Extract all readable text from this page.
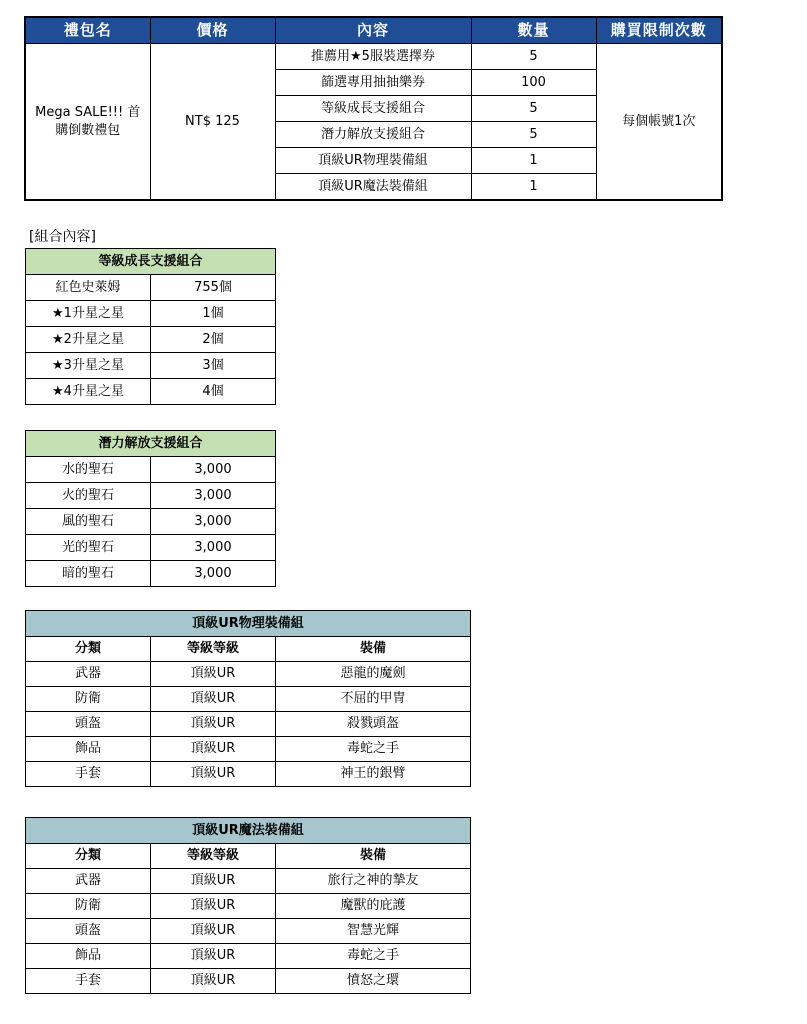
禮包名	價格	內容	數量	購買限制次數
Mega SALE!!! 首購倒數禮包	NT$ 125	推薦用★5服裝選擇券	5	每個帳號1次
		篩選專用抽抽樂券	100	
		等級成長支援組合	5	
		潛力解放支援組合	5	
		頂級UR物理裝備組	1	
		頂級UR魔法裝備組	1	
[組合內容]
等級成長支援組合	
紅色史萊姆	755個
★1升星之星	1個
★2升星之星	2個
★3升星之星	3個
★4升星之星	4個
潛力解放支援組合	
水的聖石	3,000
火的聖石	3,000
風的聖石	3,000
光的聖石	3,000
暗的聖石	3,000
頂級UR物理裝備組		
分類	等級等級	裝備
武器	頂級UR	惡龍的魔劍
防衛	頂級UR	不屈的甲冑
頭盔	頂級UR	殺戮頭盔
飾品	頂級UR	毒蛇之手
手套	頂級UR	神王的銀臂
頂級UR魔法裝備組		
分類	等級等級	裝備
武器	頂級UR	旅行之神的摯友
防衛	頂級UR	魔獸的庇護
頭盔	頂級UR	智慧光輝
飾品	頂級UR	毒蛇之手
手套	頂級UR	憤怒之環
